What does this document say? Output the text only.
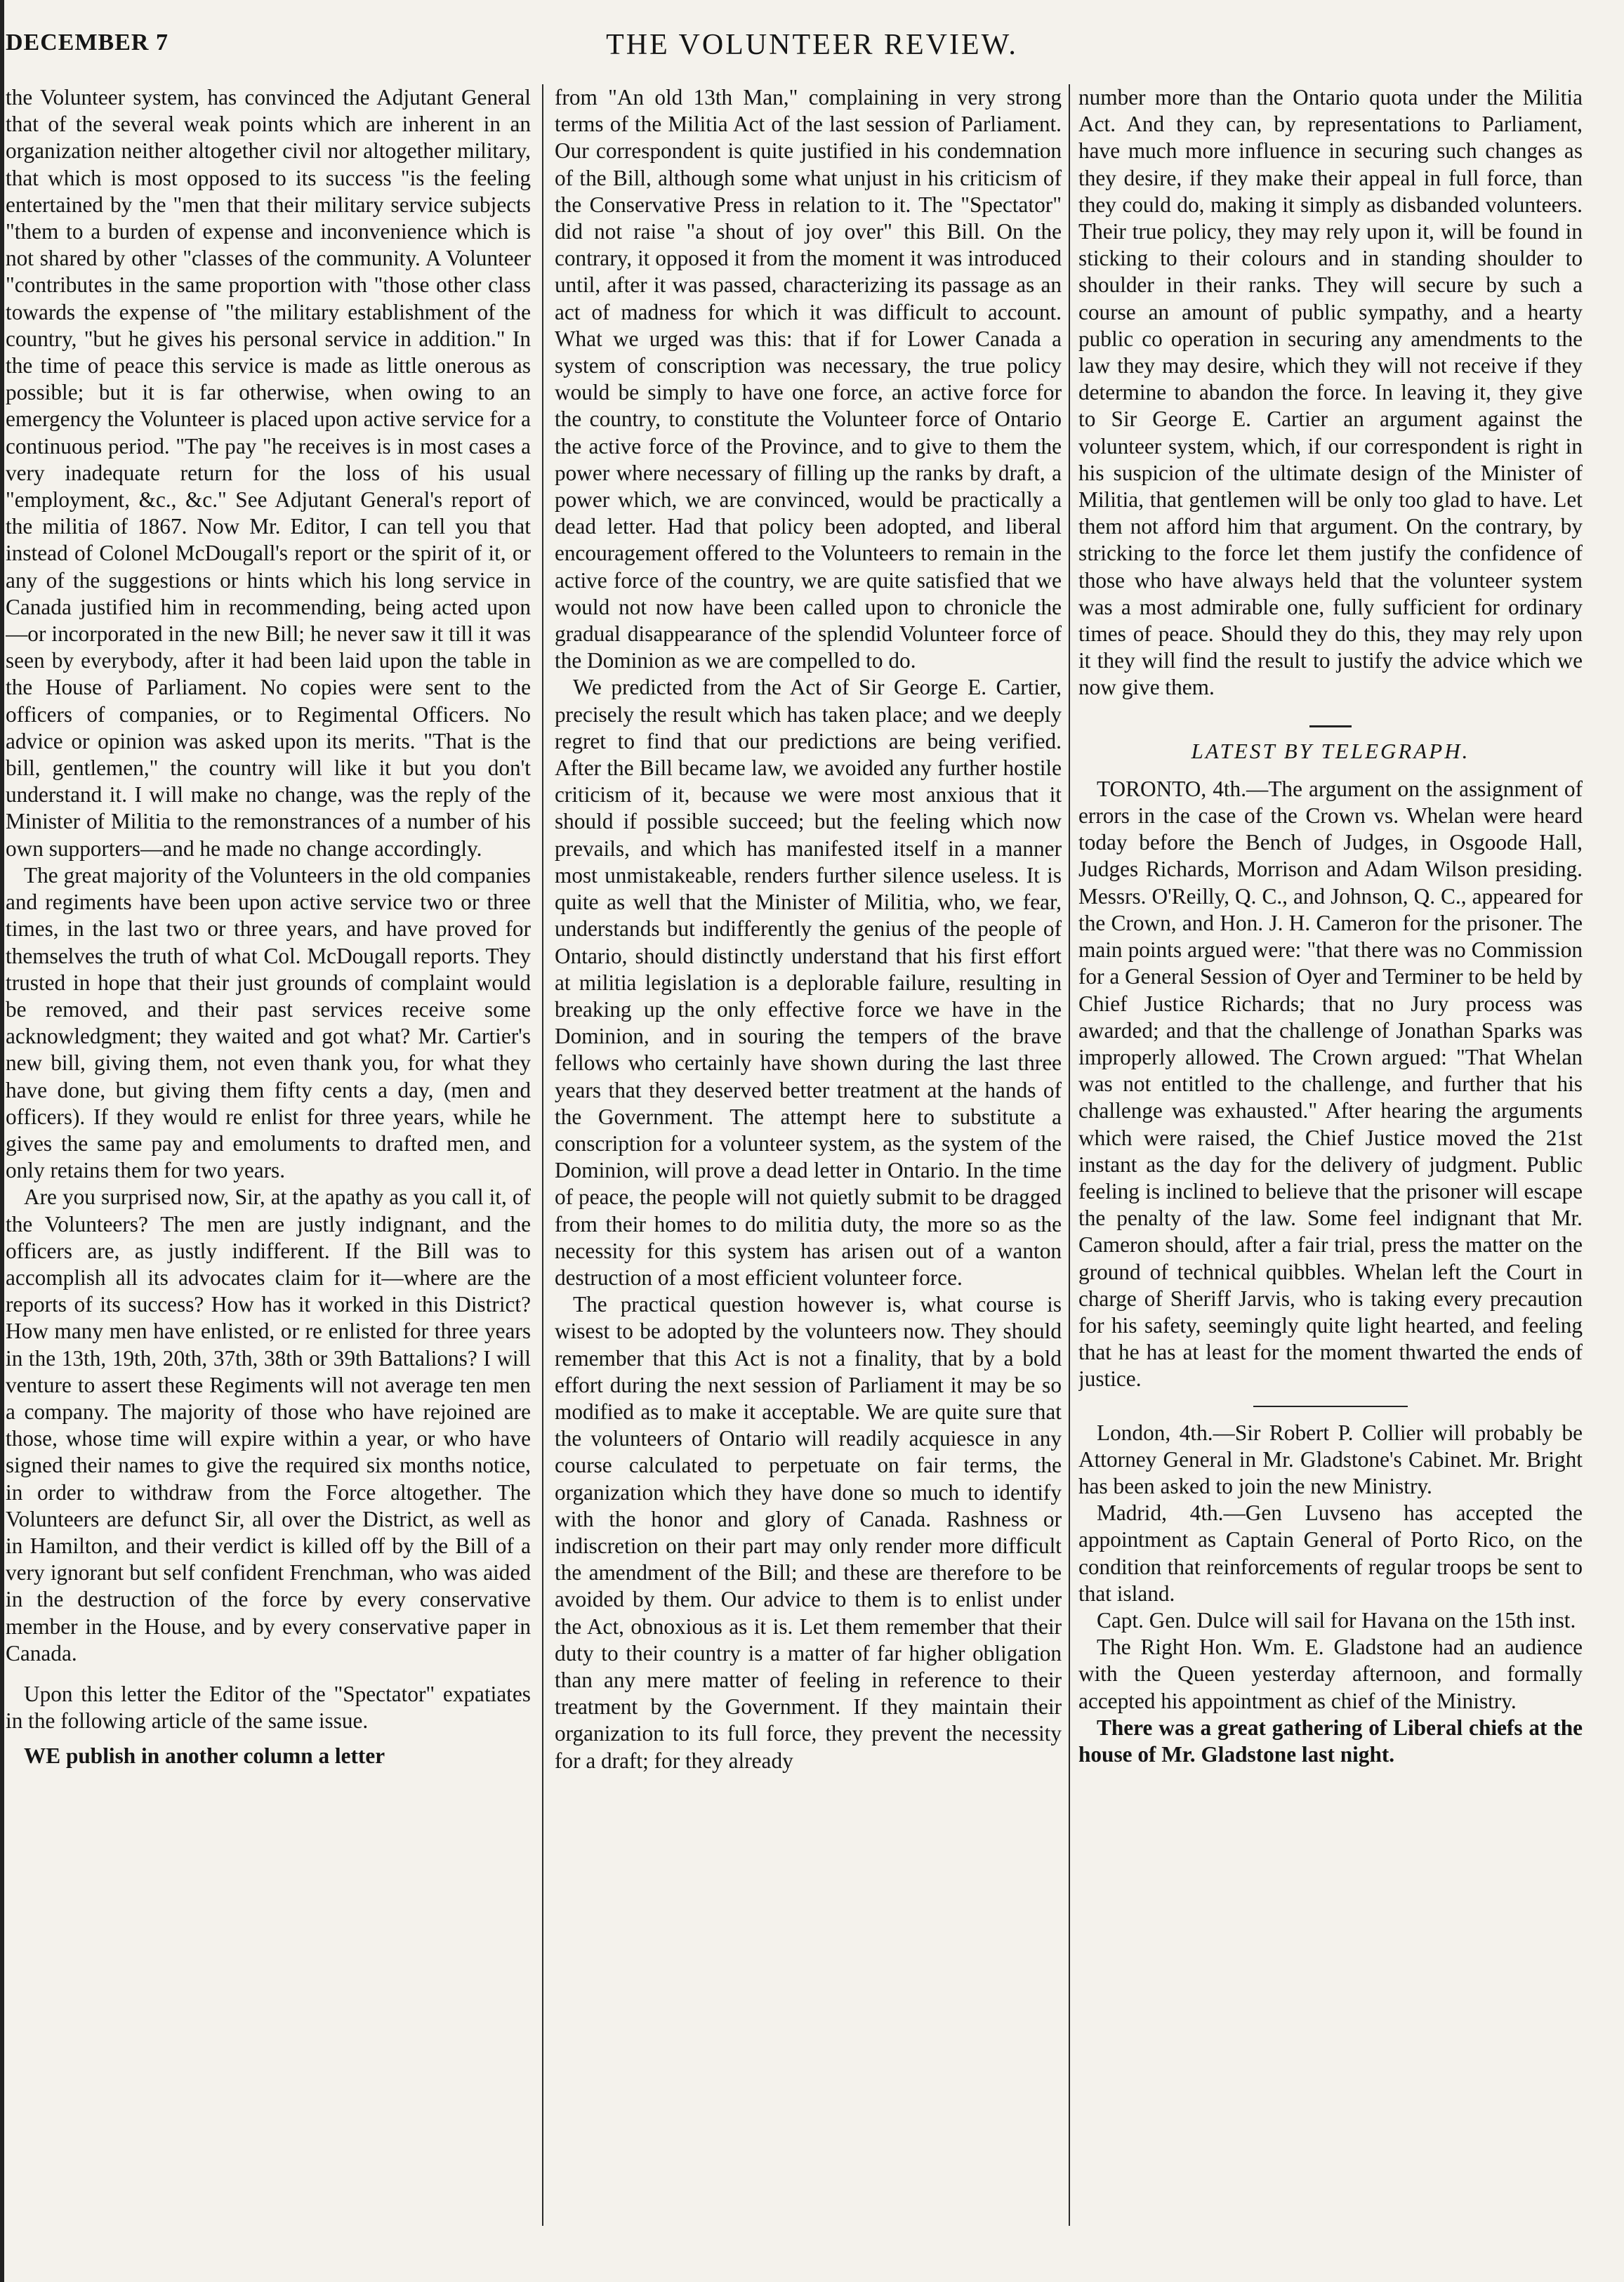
DECEMBER 7	THE VOLUNTEER REVIEW.

the Volunteer system, has convinced the Adjutant General that of the several weak points which are inherent in an organization neither altogether civil nor altogether military, that which is most opposed to its success "is the feeling entertained by the "men that their military service subjects "them to a burden of expense and inconvenience which is not shared by other "classes of the community. A Volunteer "contributes in the same proportion with "those other class towards the expense of "the military establishment of the country, "but he gives his personal service in addition." In the time of peace this service is made as little onerous as possible; but it is far otherwise, when owing to an emergency the Volunteer is placed upon active service for a continuous period. "The pay "he receives is in most cases a very inadequate return for the loss of his usual "employment, &c., &c." See Adjutant General's report of the militia of 1867. Now Mr. Editor, I can tell you that instead of Colonel McDougall's report or the spirit of it, or any of the suggestions or hints which his long service in Canada justified him in recommending, being acted upon—or incorporated in the new Bill; he never saw it till it was seen by everybody, after it had been laid upon the table in the House of Parliament. No copies were sent to the officers of companies, or to Regimental Officers. No advice or opinion was asked upon its merits. "That is the bill, gentlemen," the country will like it but you don't understand it. I will make no change, was the reply of the Minister of Militia to the remonstrances of a number of his own supporters—and he made no change accordingly.

The great majority of the Volunteers in the old companies and regiments have been upon active service two or three times, in the last two or three years, and have proved for themselves the truth of what Col. McDougall reports. They trusted in hope that their just grounds of complaint would be removed, and their past services receive some acknowledgment; they waited and got what? Mr. Cartier's new bill, giving them, not even thank you, for what they have done, but giving them fifty cents a day, (men and officers). If they would re enlist for three years, while he gives the same pay and emoluments to drafted men, and only retains them for two years.

Are you surprised now, Sir, at the apathy as you call it, of the Volunteers? The men are justly indignant, and the officers are, as justly indifferent. If the Bill was to accomplish all its advocates claim for it—where are the reports of its success? How has it worked in this District? How many men have enlisted, or re enlisted for three years in the 13th, 19th, 20th, 37th, 38th or 39th Battalions? I will venture to assert these Regiments will not average ten men a company. The majority of those who have rejoined are those, whose time will expire within a year, or who have signed their names to give the required six months notice, in order to withdraw from the Force altogether. The Volunteers are defunct Sir, all over the District, as well as in Hamilton, and their verdict is killed off by the Bill of a very ignorant but self confident Frenchman, who was aided in the destruction of the force by every conservative member in the House, and by every conservative paper in Canada.

Upon this letter the Editor of the "Spectator" expatiates in the following article of the same issue.

WE publish in another column a letter

from "An old 13th Man," complaining in very strong terms of the Militia Act of the last session of Parliament. Our correspondent is quite justified in his condemnation of the Bill, although some what unjust in his criticism of the Conservative Press in relation to it. The "Spectator" did not raise "a shout of joy over" this Bill. On the contrary, it opposed it from the moment it was introduced until, after it was passed, characterizing its passage as an act of madness for which it was difficult to account. What we urged was this: that if for Lower Canada a system of conscription was necessary, the true policy would be simply to have one force, an active force for the country, to constitute the Volunteer force of Ontario the active force of the Province, and to give to them the power where necessary of filling up the ranks by draft, a power which, we are convinced, would be practically a dead letter. Had that policy been adopted, and liberal encouragement offered to the Volunteers to remain in the active force of the country, we are quite satisfied that we would not now have been called upon to chronicle the gradual disappearance of the splendid Volunteer force of the Dominion as we are compelled to do.

We predicted from the Act of Sir George E. Cartier, precisely the result which has taken place; and we deeply regret to find that our predictions are being verified. After the Bill became law, we avoided any further hostile criticism of it, because we were most anxious that it should if possible succeed; but the feeling which now prevails, and which has manifested itself in a manner most unmistakeable, renders further silence useless. It is quite as well that the Minister of Militia, who, we fear, understands but indifferently the genius of the people of Ontario, should distinctly understand that his first effort at militia legislation is a deplorable failure, resulting in breaking up the only effective force we have in the Dominion, and in souring the tempers of the brave fellows who certainly have shown during the last three years that they deserved better treatment at the hands of the Government. The attempt here to substitute a conscription for a volunteer system, as the system of the Dominion, will prove a dead letter in Ontario. In the time of peace, the people will not quietly submit to be dragged from their homes to do militia duty, the more so as the necessity for this system has arisen out of a wanton destruction of a most efficient volunteer force.

The practical question however is, what course is wisest to be adopted by the volunteers now. They should remember that this Act is not a finality, that by a bold effort during the next session of Parliament it may be so modified as to make it acceptable. We are quite sure that the volunteers of Ontario will readily acquiesce in any course calculated to perpetuate on fair terms, the organization which they have done so much to identify with the honor and glory of Canada. Rashness or indiscretion on their part may only render more difficult the amendment of the Bill; and these are therefore to be avoided by them. Our advice to them is to enlist under the Act, obnoxious as it is. Let them remember that their duty to their country is a matter of far higher obligation than any mere matter of feeling in reference to their treatment by the Government. If they maintain their organization to its full force, they prevent the necessity for a draft; for they already

number more than the Ontario quota under the Militia Act. And they can, by representations to Parliament, have much more influence in securing such changes as they desire, if they make their appeal in full force, than they could do, making it simply as disbanded volunteers. Their true policy, they may rely upon it, will be found in sticking to their colours and in standing shoulder to shoulder in their ranks. They will secure by such a course an amount of public sympathy, and a hearty public co operation in securing any amendments to the law they may desire, which they will not receive if they determine to abandon the force. In leaving it, they give to Sir George E. Cartier an argument against the volunteer system, which, if our correspondent is right in his suspicion of the ultimate design of the Minister of Militia, that gentlemen will be only too glad to have. Let them not afford him that argument. On the contrary, by stricking to the force let them justify the confidence of those who have always held that the volunteer system was a most admirable one, fully sufficient for ordinary times of peace. Should they do this, they may rely upon it they will find the result to justify the advice which we now give them.

LATEST BY TELEGRAPH.

TORONTO, 4th.—The argument on the assignment of errors in the case of the Crown vs. Whelan were heard today before the Bench of Judges, in Osgoode Hall, Judges Richards, Morrison and Adam Wilson presiding. Messrs. O'Reilly, Q. C., and Johnson, Q. C., appeared for the Crown, and Hon. J. H. Cameron for the prisoner. The main points argued were: "that there was no Commission for a General Session of Oyer and Terminer to be held by Chief Justice Richards; that no Jury process was awarded; and that the challenge of Jonathan Sparks was improperly allowed. The Crown argued: "That Whelan was not entitled to the challenge, and further that his challenge was exhausted." After hearing the arguments which were raised, the Chief Justice moved the 21st instant as the day for the delivery of judgment. Public feeling is inclined to believe that the prisoner will escape the penalty of the law. Some feel indignant that Mr. Cameron should, after a fair trial, press the matter on the ground of technical quibbles. Whelan left the Court in charge of Sheriff Jarvis, who is taking every precaution for his safety, seemingly quite light hearted, and feeling that he has at least for the moment thwarted the ends of justice.

London, 4th.—Sir Robert P. Collier will probably be Attorney General in Mr. Gladstone's Cabinet. Mr. Bright has been asked to join the new Ministry.

Madrid, 4th.—Gen Luvseno has accepted the appointment as Captain General of Porto Rico, on the condition that reinforcements of regular troops be sent to that island.

Capt. Gen. Dulce will sail for Havana on the 15th inst.

The Right Hon. Wm. E. Gladstone had an audience with the Queen yesterday afternoon, and formally accepted his appointment as chief of the Ministry.

There was a great gathering of Liberal chiefs at the house of Mr. Gladstone last night.
